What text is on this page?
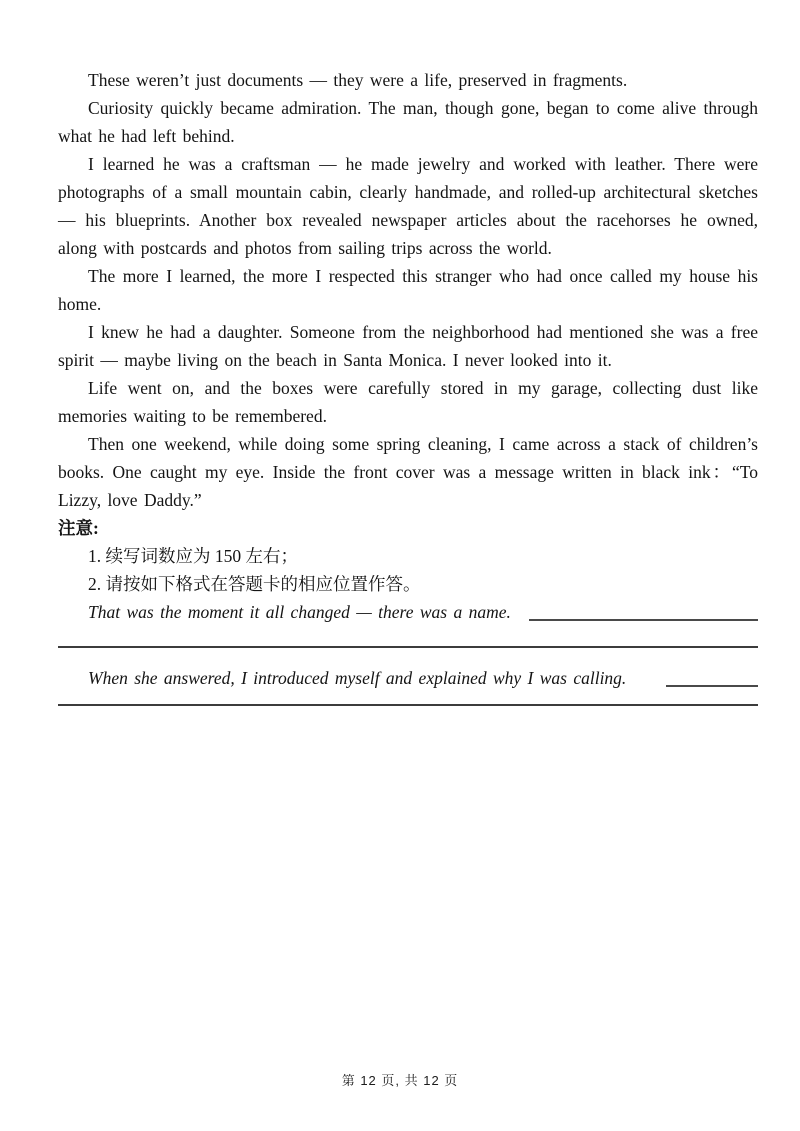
These weren’t just documents — they were a life, preserved in fragments.

Curiosity quickly became admiration. The man, though gone, began to come alive through what he had left behind.

I learned he was a craftsman — he made jewelry and worked with leather. There were photographs of a small mountain cabin, clearly handmade, and rolled-up architectural sketches — his blueprints. Another box revealed newspaper articles about the racehorses he owned, along with postcards and photos from sailing trips across the world.

The more I learned, the more I respected this stranger who had once called my house his home.

I knew he had a daughter. Someone from the neighborhood had mentioned she was a free spirit — maybe living on the beach in Santa Monica. I never looked into it.

Life went on, and the boxes were carefully stored in my garage, collecting dust like memories waiting to be remembered.

Then one weekend, while doing some spring cleaning, I came across a stack of children’s books. One caught my eye. Inside the front cover was a message written in black ink：“To Lizzy, love Daddy.”

注意:
1. 续写词数应为 150 左右；
2. 请按如下格式在答题卡的相应位置作答。
That was the moment it all changed — there was a name.
When she answered, I introduced myself and explained why I was calling.
第 12 页, 共 12 页
